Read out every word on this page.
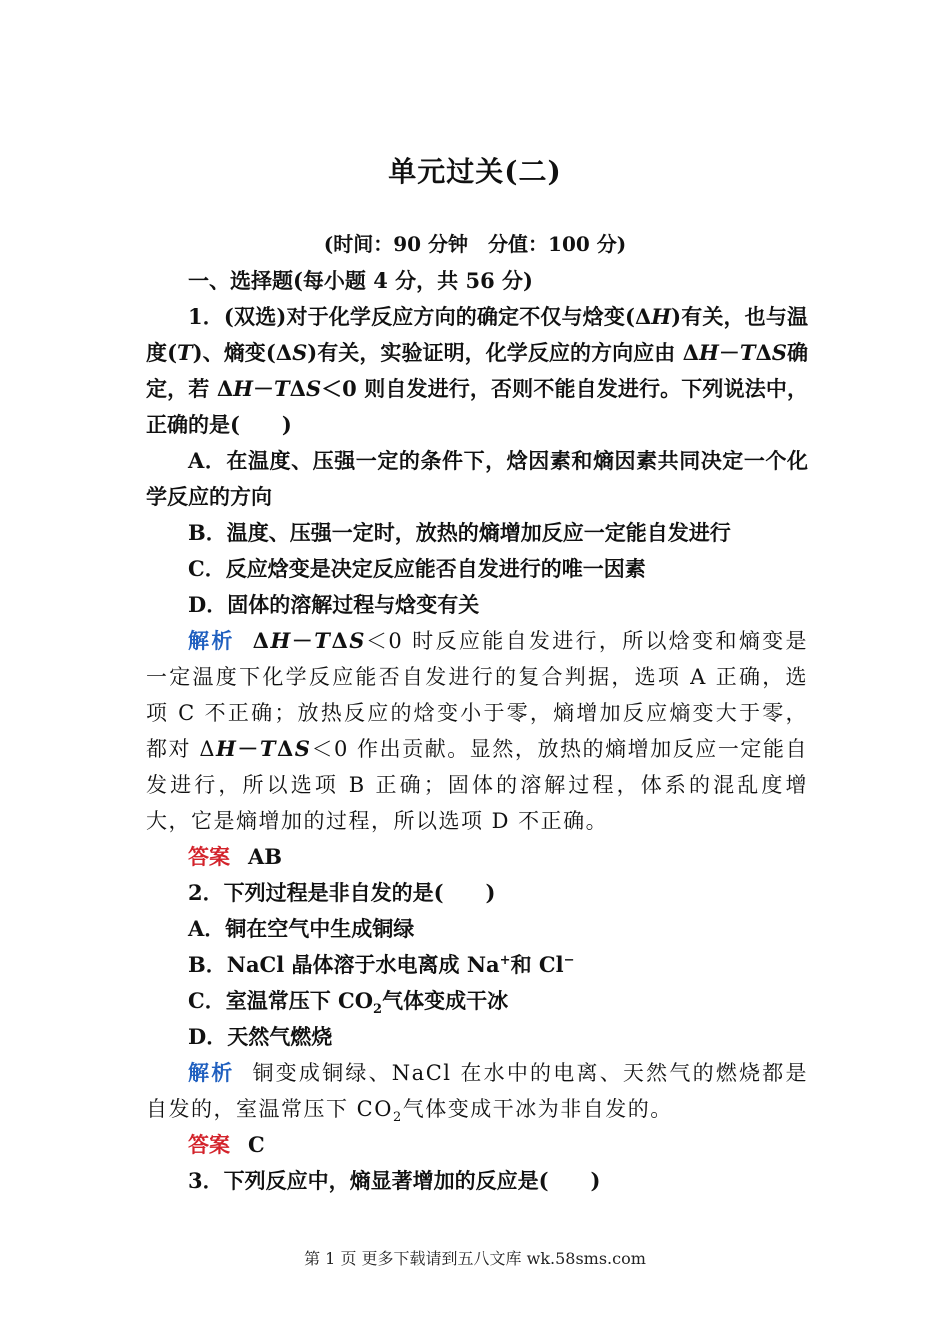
单元过关(二)
(时间：90 分钟　分值：100 分)

一、选择题(每小题 4 分，共 56 分)

1．(双选)对于化学反应方向的确定不仅与焓变(ΔH)有关，也与温度(T)、熵变(ΔS)有关，实验证明，化学反应的方向应由 ΔH－TΔS确定，若 ΔH－TΔS＜0 则自发进行，否则不能自发进行。下列说法中，正确的是(　　)

A．在温度、压强一定的条件下，焓因素和熵因素共同决定一个化学反应的方向

B．温度、压强一定时，放热的熵增加反应一定能自发进行

C．反应焓变是决定反应能否自发进行的唯一因素

D．固体的溶解过程与焓变有关

解析 ΔH－TΔS＜0 时反应能自发进行，所以焓变和熵变是一定温度下化学反应能否自发进行的复合判据，选项 A 正确，选项 C 不正确；放热反应的焓变小于零，熵增加反应熵变大于零，都对 ΔH－TΔS＜0 作出贡献。显然，放热的熵增加反应一定能自发进行，所以选项 B 正确；固体的溶解过程，体系的混乱度增大，它是熵增加的过程，所以选项 D 不正确。

答案 AB

2．下列过程是非自发的是(　　)

A．铜在空气中生成铜绿

B．NaCl 晶体溶于水电离成 Na+和 Cl−

C．室温常压下 $CO_2$气体变成干冰

D．天然气燃烧

解析 铜变成铜绿、NaCl 在水中的电离、天然气的燃烧都是自发的，室温常压下 $CO_2$气体变成干冰为非自发的。

答案 C

3．下列反应中，熵显著增加的反应是(　　)

第 1 页 更多下载请到五八文库 wk.58sms.com
